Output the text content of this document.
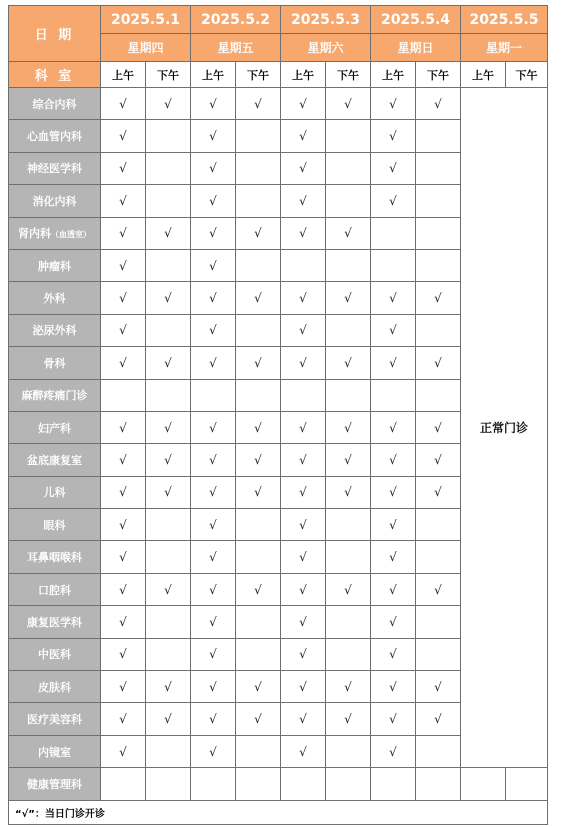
日 期	2025.5.1		2025.5.2		2025.5.3		2025.5.4		2025.5.5	
	星期四		星期五		星期六		星期日		星期一	
科 室	上午	下午	上午	下午	上午	下午	上午	下午	上午	下午
综合内科	√	√	√	√	√	√	√	√	正常门诊	
心血管内科	√		√		√		√			
神经医学科	√		√		√		√			
消化内科	√		√		√		√			
肾内科（血透室）	√	√	√	√	√	√				
肿瘤科	√		√							
外科	√	√	√	√	√	√	√	√		
泌尿外科	√		√		√		√			
骨科	√	√	√	√	√	√	√	√		
麻醉疼痛门诊										
妇产科	√	√	√	√	√	√	√	√		
盆底康复室	√	√	√	√	√	√	√	√		
儿科	√	√	√	√	√	√	√	√		
眼科	√		√		√		√			
耳鼻咽喉科	√		√		√		√			
口腔科	√	√	√	√	√	√	√	√		
康复医学科	√		√		√		√			
中医科	√		√		√		√			
皮肤科	√	√	√	√	√	√	√	√		
医疗美容科	√	√	√	√	√	√	√	√		
内镜室	√		√		√		√			
健康管理科										
“√”：当日门诊开诊										
